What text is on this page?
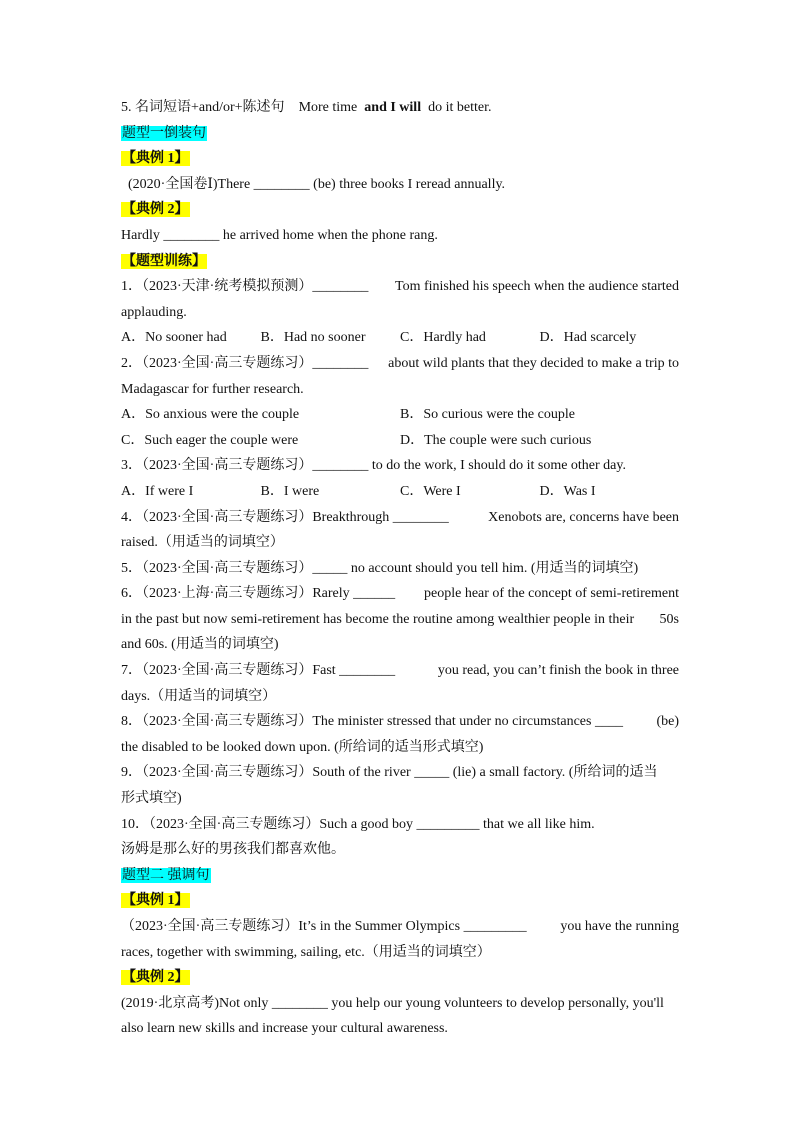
5. 名词短语+and/or+陈述句 More time and I will do it better.
题型一倒装句
【典例 1】
(2020·全国卷Ⅰ)There ________ (be) three books I reread annually.
【典例 2】
Hardly ________ he arrived home when the phone rang.
【题型训练】
1．（2023·天津·统考模拟预测）________ Tom finished his speech when the audience started
applauding.
A．No sooner had	B．Had no sooner	C．Hardly had	D．Had scarcely
2．（2023·全国·高三专题练习）________ about wild plants that they decided to make a trip to
Madagascar for further research.
A．So anxious were the couple	B．So curious were the couple
C．Such eager the couple were	D．The couple were such curious
3．（2023·全国·高三专题练习）________ to do the work, I should do it some other day.
A．If were I	B．I were	C．Were I	D．Was I
4．（2023·全国·高三专题练习）Breakthrough ________	Xenobots are, concerns have been
raised.（用适当的词填空）
5．（2023·全国·高三专题练习）_____ no account should you tell him. (用适当的词填空)
6．（2023·上海·高三专题练习）Rarely ______ people hear of the concept of semi-retirement
in the past but now semi-retirement has become the routine among wealthier people in their 50s
and 60s. (用适当的词填空)
7．（2023·全国·高三专题练习）Fast ________	you read, you can’t finish the book in three
days.（用适当的词填空）
8．（2023·全国·高三专题练习）The minister stressed that under no circumstances ____ (be)
the disabled to be looked down upon. (所给词的适当形式填空)
9．（2023·全国·高三专题练习）South of the river _____ (lie) a small factory. (所给词的适当
形式填空)
10．（2023·全国·高三专题练习）Such a good boy _________ that we all like him.
汤姆是那么好的男孩我们都喜欢他。
题型二 强调句
【典例 1】
（2023·全国·高三专题练习）It’s in the Summer Olympics _________ you have the running
races, together with swimming, sailing, etc.（用适当的词填空）
【典例 2】
(2019·北京高考)Not only ________ you help our young volunteers to develop personally, you'll
also learn new skills and increase your cultural awareness.
